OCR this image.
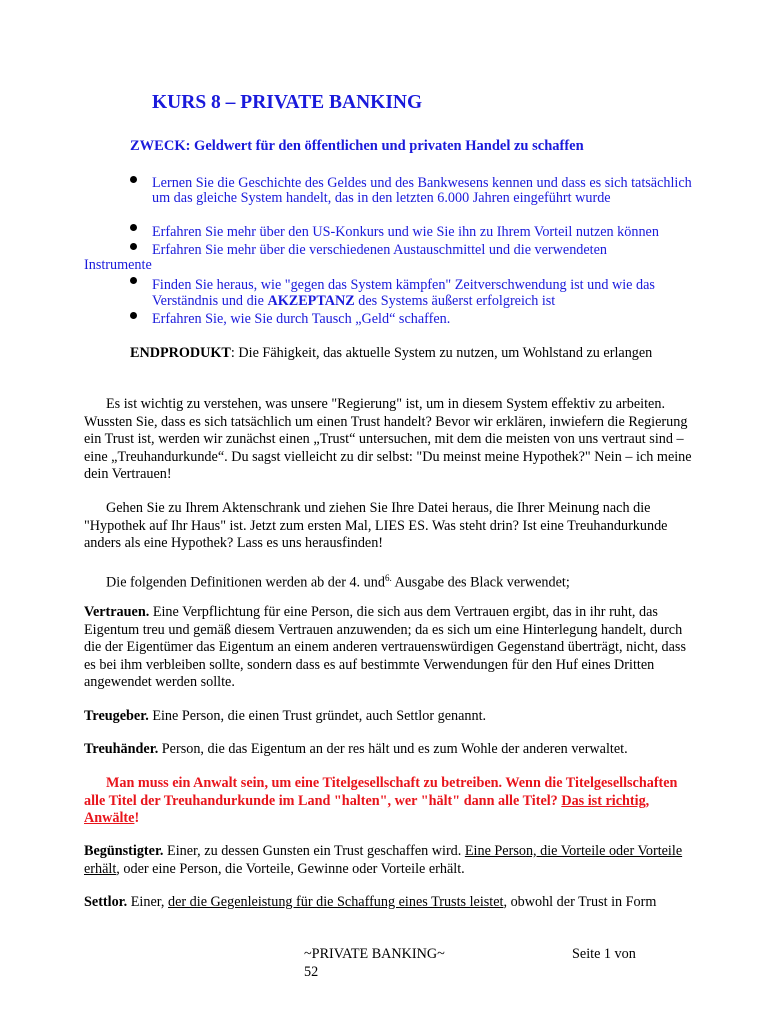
KURS 8 – PRIVATE BANKING
ZWECK: Geldwert für den öffentlichen und privaten Handel zu schaffen
Lernen Sie die Geschichte des Geldes und des Bankwesens kennen und dass es sich tatsächlich um das gleiche System handelt, das in den letzten 6.000 Jahren eingeführt wurde
Erfahren Sie mehr über den US-Konkurs und wie Sie ihn zu Ihrem Vorteil nutzen können
Erfahren Sie mehr über die verschiedenen Austauschmittel und die verwendeten
Instrumente
Finden Sie heraus, wie "gegen das System kämpfen" Zeitverschwendung ist und wie das Verständnis und die AKZEPTANZ des Systems äußerst erfolgreich ist
Erfahren Sie, wie Sie durch Tausch „Geld“ schaffen.
ENDPRODUKT: Die Fähigkeit, das aktuelle System zu nutzen, um Wohlstand zu erlangen
Es ist wichtig zu verstehen, was unsere "Regierung" ist, um in diesem System effektiv zu arbeiten. Wussten Sie, dass es sich tatsächlich um einen Trust handelt? Bevor wir erklären, inwiefern die Regierung ein Trust ist, werden wir zunächst einen „Trust“ untersuchen, mit dem die meisten von uns vertraut sind – eine „Treuhandurkunde“. Du sagst vielleicht zu dir selbst: "Du meinst meine Hypothek?" Nein – ich meine dein Vertrauen!
Gehen Sie zu Ihrem Aktenschrank und ziehen Sie Ihre Datei heraus, die Ihrer Meinung nach die "Hypothek auf Ihr Haus" ist. Jetzt zum ersten Mal, LIES ES. Was steht drin? Ist eine Treuhandurkunde anders als eine Hypothek? Lass es uns herausfinden!
Die folgenden Definitionen werden ab der 4. und$^{6.}$ Ausgabe des Black verwendet;
Vertrauen. Eine Verpflichtung für eine Person, die sich aus dem Vertrauen ergibt, das in ihr ruht, das Eigentum treu und gemäß diesem Vertrauen anzuwenden; da es sich um eine Hinterlegung handelt, durch die der Eigentümer das Eigentum an einem anderen vertrauenswürdigen Gegenstand überträgt, nicht, dass es bei ihm verbleiben sollte, sondern dass es auf bestimmte Verwendungen für den Huf eines Dritten angewendet werden sollte.
Treugeber. Eine Person, die einen Trust gründet, auch Settlor genannt.
Treuhänder. Person, die das Eigentum an der res hält und es zum Wohle der anderen verwaltet.
Man muss ein Anwalt sein, um eine Titelgesellschaft zu betreiben. Wenn die Titelgesellschaften alle Titel der Treuhandurkunde im Land "halten", wer "hält" dann alle Titel? Das ist richtig, Anwälte!
Begünstigter. Einer, zu dessen Gunsten ein Trust geschaffen wird. Eine Person, die Vorteile oder Vorteile erhält, oder eine Person, die Vorteile, Gewinne oder Vorteile erhält.
Settlor. Einer, der die Gegenleistung für die Schaffung eines Trusts leistet, obwohl der Trust in Form
~PRIVATE BANKING~	Seite 1 von
52
